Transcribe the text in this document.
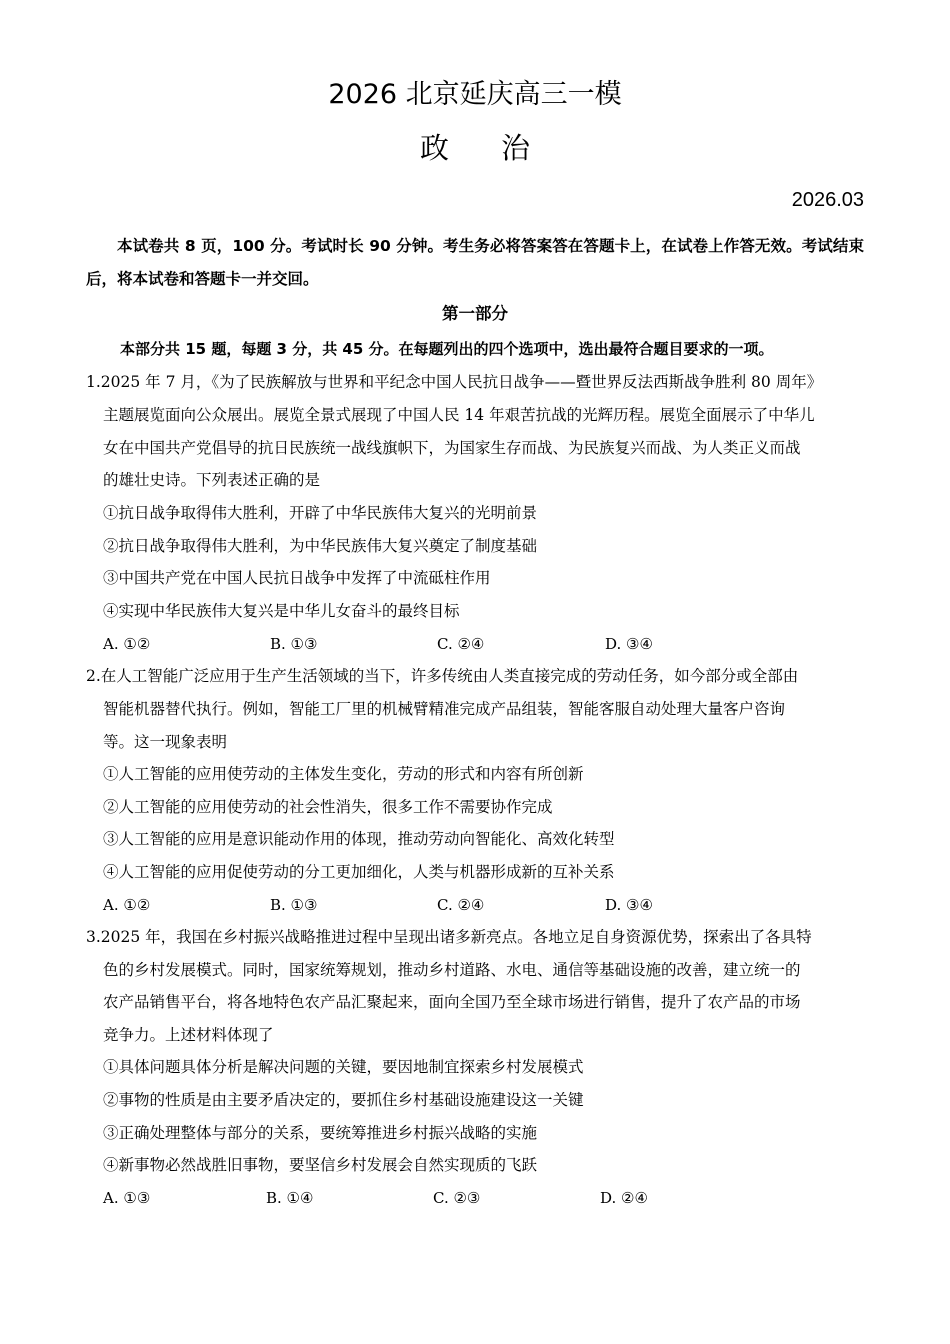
2026 北京延庆高三一模
政 治
2026.03
本试卷共 8 页，100 分。考试时长 90 分钟。考生务必将答案答在答题卡上，在试卷上作答无效。考试结束后，将本试卷和答题卡一并交回。
第一部分
本部分共 15 题，每题 3 分，共 45 分。在每题列出的四个选项中，选出最符合题目要求的一项。
1.2025 年 7 月，《为了民族解放与世界和平纪念中国人民抗日战争——暨世界反法西斯战争胜利 80 周年》
主题展览面向公众展出。展览全景式展现了中国人民 14 年艰苦抗战的光辉历程。展览全面展示了中华儿
女在中国共产党倡导的抗日民族统一战线旗帜下，为国家生存而战、为民族复兴而战、为人类正义而战
的雄壮史诗。下列表述正确的是
①抗日战争取得伟大胜利，开辟了中华民族伟大复兴的光明前景
②抗日战争取得伟大胜利，为中华民族伟大复兴奠定了制度基础
③中国共产党在中国人民抗日战争中发挥了中流砥柱作用
④实现中华民族伟大复兴是中华儿女奋斗的最终目标
A. ①②	B. ①③	C. ②④	D. ③④
2.在人工智能广泛应用于生产生活领域的当下，许多传统由人类直接完成的劳动任务，如今部分或全部由
智能机器替代执行。例如，智能工厂里的机械臂精准完成产品组装，智能客服自动处理大量客户咨询
等。这一现象表明
①人工智能的应用使劳动的主体发生变化，劳动的形式和内容有所创新
②人工智能的应用使劳动的社会性消失，很多工作不需要协作完成
③人工智能的应用是意识能动作用的体现，推动劳动向智能化、高效化转型
④人工智能的应用促使劳动的分工更加细化，人类与机器形成新的互补关系
A. ①②	B. ①③	C. ②④	D. ③④
3.2025 年，我国在乡村振兴战略推进过程中呈现出诸多新亮点。各地立足自身资源优势，探索出了各具特
色的乡村发展模式。同时，国家统筹规划，推动乡村道路、水电、通信等基础设施的改善，建立统一的
农产品销售平台，将各地特色农产品汇聚起来，面向全国乃至全球市场进行销售，提升了农产品的市场
竞争力。上述材料体现了
①具体问题具体分析是解决问题的关键，要因地制宜探索乡村发展模式
②事物的性质是由主要矛盾决定的，要抓住乡村基础设施建设这一关键
③正确处理整体与部分的关系，要统筹推进乡村振兴战略的实施
④新事物必然战胜旧事物，要坚信乡村发展会自然实现质的飞跃
A. ①③	B. ①④	C. ②③	D. ②④
